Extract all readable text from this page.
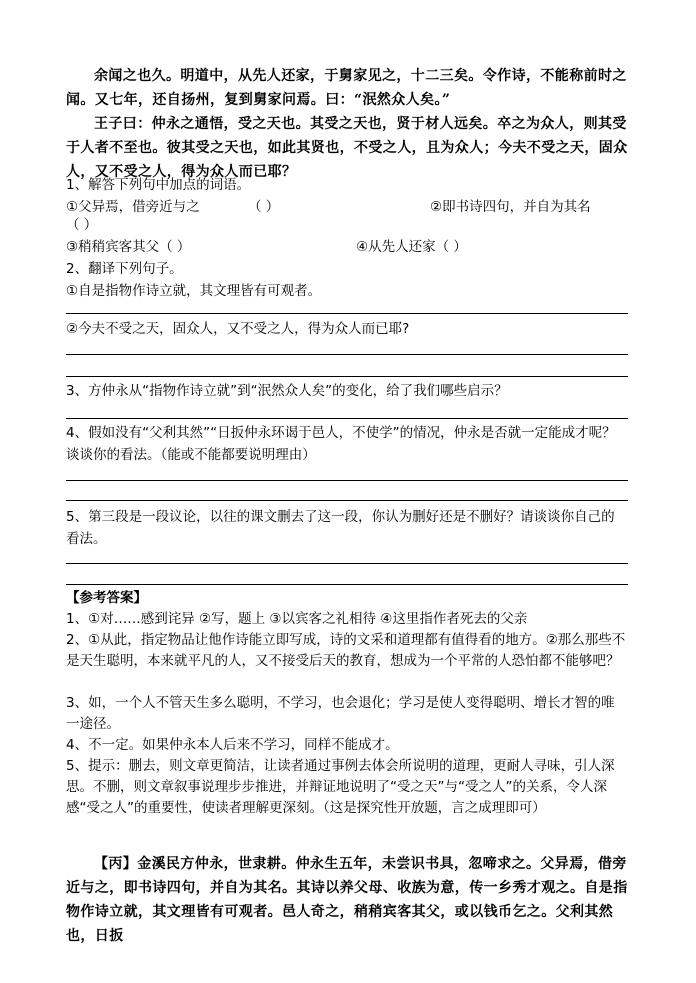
余闻之也久。明道中，从先人还家，于舅家见之，十二三矣。令作诗，不能称前时之闻。又七年，还自扬州，复到舅家问焉。曰：“泯然众人矣。”

王子曰：仲永之通悟，受之天也。其受之天也，贤于材人远矣。卒之为众人，则其受于人者不至也。彼其受之天也，如此其贤也，不受之人，且为众人；今夫不受之天，固众人，又不受之人，得为众人而已耶？

1、解答下列句中加点的词语。

①父异焉，借旁近与之	（ ）	②即书诗四句，并自为其名
（ ）
③稍稍宾客其父（ ）	④从先人还家（ ）

2、翻译下列句子。

①自是指物作诗立就，其文理皆有可观者。

②今夫不受之天，固众人，又不受之人，得为众人而已耶?

3、方仲永从“指物作诗立就”到“泯然众人矣”的变化，给了我们哪些启示？

4、假如没有“父利其然”“日扳仲永环谒于邑人，不使学”的情况，仲永是否就一定能成才呢？谈谈你的看法。（能或不能都要说明理由）

5、第三段是一段议论，以往的课文删去了这一段，你认为删好还是不删好？请谈谈你自己的看法。

【参考答案】

1、①对……感到诧异 ②写，题上 ③以宾客之礼相待 ④这里指作者死去的父亲

2、①从此，指定物品让他作诗能立即写成，诗的文采和道理都有值得看的地方。②那么那些不是天生聪明，本来就平凡的人，又不接受后天的教育，想成为一个平常的人恐怕都不能够吧？

3、如，一个人不管天生多么聪明，不学习，也会退化；学习是使人变得聪明、增长才智的唯一途径。

4、不一定。如果仲永本人后来不学习，同样不能成才。

5、提示：删去，则文章更简洁，让读者通过事例去体会所说明的道理，更耐人寻味，引人深思。不删，则文章叙事说理步步推进，并辩证地说明了“受之天”与“受之人”的关系，令人深感“受之人”的重要性，使读者理解更深刻。（这是探究性开放题，言之成理即可）

【丙】金溪民方仲永，世隶耕。仲永生五年，未尝识书具，忽啼求之。父异焉，借旁近与之，即书诗四句，并自为其名。其诗以养父母、收族为意，传一乡秀才观之。自是指物作诗立就，其文理皆有可观者。邑人奇之，稍稍宾客其父，或以钱币乞之。父利其然也，日扳
